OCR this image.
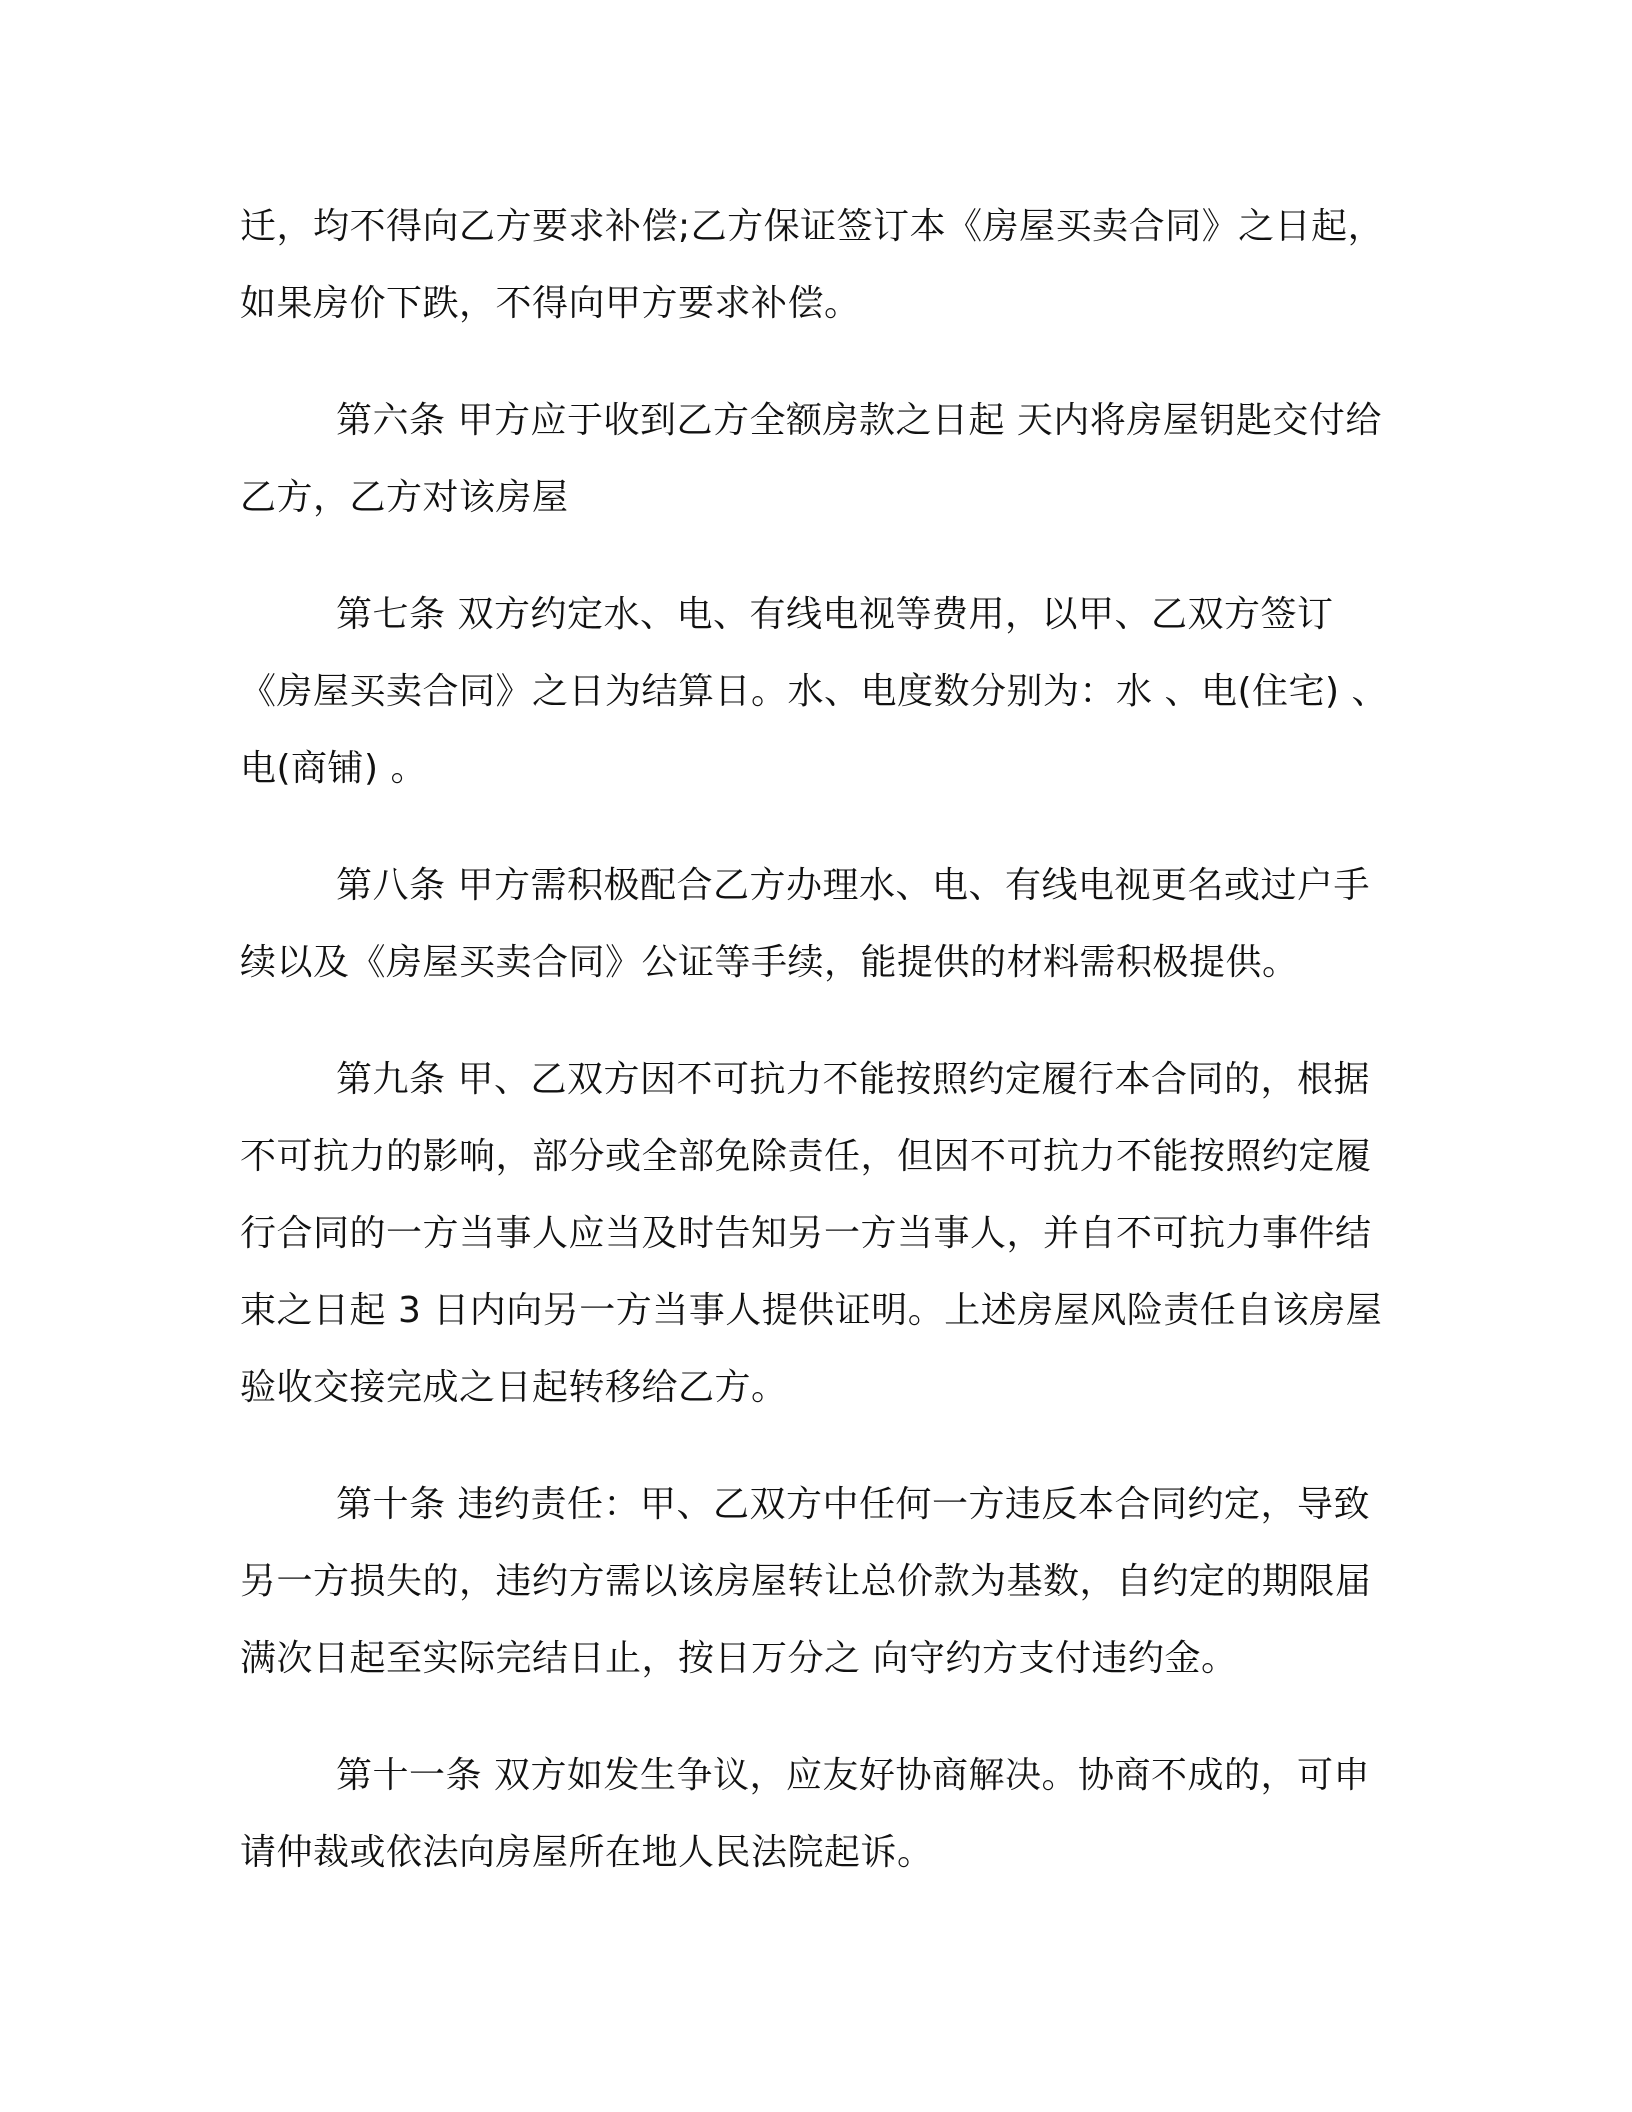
迁，均不得向乙方要求补偿;乙方保证签订本《房屋买卖合同》之日起，如果房价下跌，不得向甲方要求补偿。

第六条 甲方应于收到乙方全额房款之日起 天内将房屋钥匙交付给乙方，乙方对该房屋

第七条 双方约定水、电、有线电视等费用，以甲、乙双方签订《房屋买卖合同》之日为结算日。水、电度数分别为：水 、电(住宅) 、电(商铺) 。

第八条 甲方需积极配合乙方办理水、电、有线电视更名或过户手续以及《房屋买卖合同》公证等手续，能提供的材料需积极提供。

第九条 甲、乙双方因不可抗力不能按照约定履行本合同的，根据不可抗力的影响，部分或全部免除责任，但因不可抗力不能按照约定履行合同的一方当事人应当及时告知另一方当事人，并自不可抗力事件结束之日起 3 日内向另一方当事人提供证明。上述房屋风险责任自该房屋验收交接完成之日起转移给乙方。

第十条 违约责任：甲、乙双方中任何一方违反本合同约定，导致另一方损失的，违约方需以该房屋转让总价款为基数，自约定的期限届满次日起至实际完结日止，按日万分之 向守约方支付违约金。

第十一条 双方如发生争议，应友好协商解决。协商不成的，可申请仲裁或依法向房屋所在地人民法院起诉。
